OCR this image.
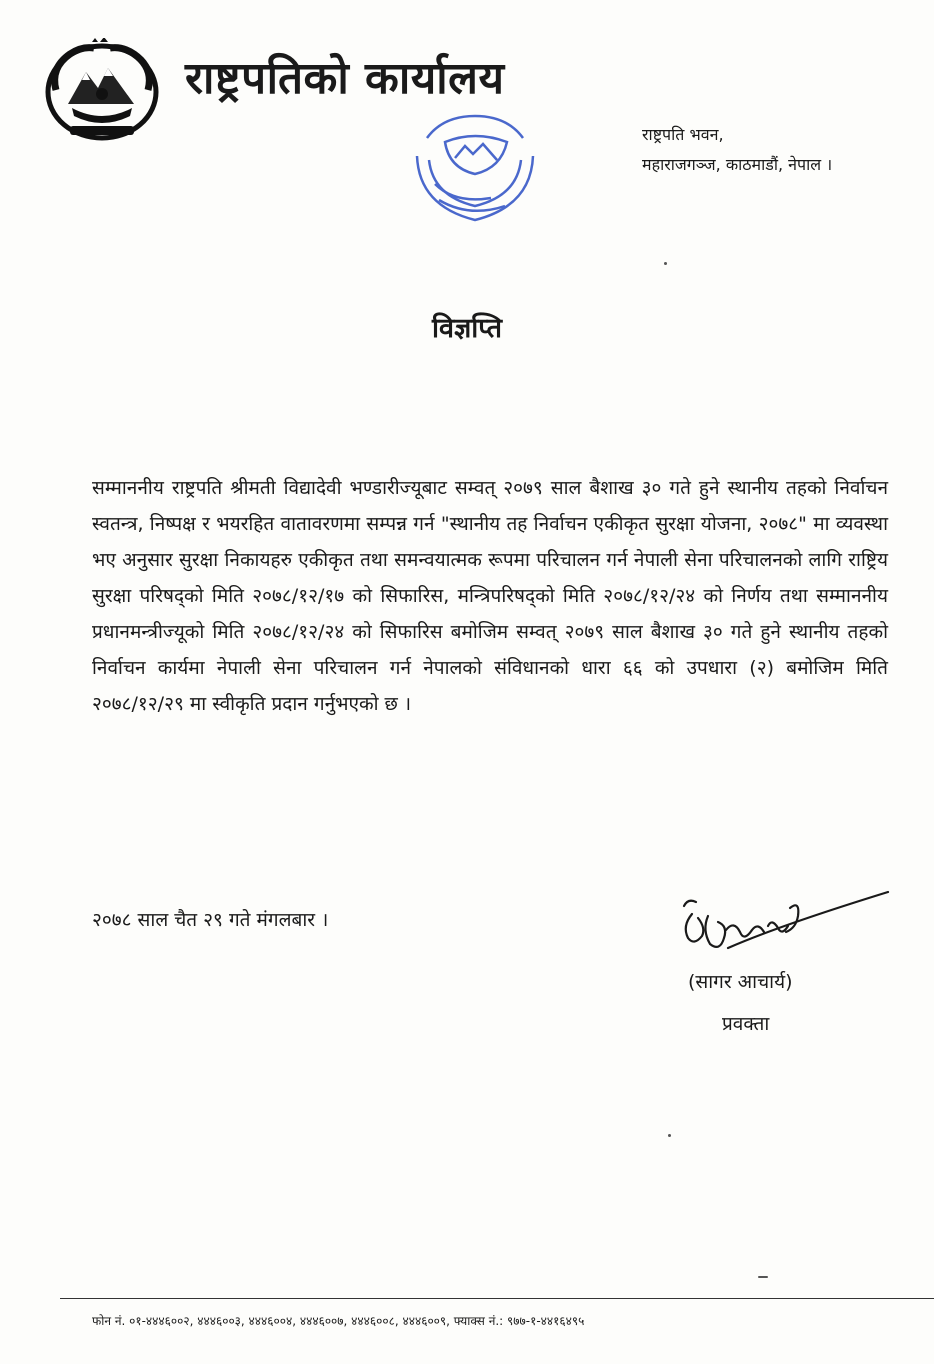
राष्ट्रपतिको कार्यालय
राष्ट्रपति भवन,
महाराजगञ्ज, काठमाडौं, नेपाल ।
विज्ञप्ति
सम्माननीय राष्ट्रपति श्रीमती विद्यादेवी भण्डारीज्यूबाट सम्वत् २०७९ साल बैशाख ३० गते हुने स्थानीय तहको निर्वाचन स्वतन्त्र, निष्पक्ष र भयरहित वातावरणमा सम्पन्न गर्न "स्थानीय तह निर्वाचन एकीकृत सुरक्षा योजना, २०७८" मा व्यवस्था भए अनुसार सुरक्षा निकायहरु एकीकृत तथा समन्वयात्मक रूपमा परिचालन गर्न नेपाली सेना परिचालनको लागि राष्ट्रिय सुरक्षा परिषद्को मिति २०७८/१२/१७ को सिफारिस, मन्त्रिपरिषद्को मिति २०७८/१२/२४ को निर्णय तथा सम्माननीय प्रधानमन्त्रीज्यूको मिति २०७८/१२/२४ को सिफारिस बमोजिम सम्वत् २०७९ साल बैशाख ३० गते हुने स्थानीय तहको निर्वाचन कार्यमा नेपाली सेना परिचालन गर्न नेपालको संविधानको धारा ६६ को उपधारा (२) बमोजिम मिति २०७८/१२/२९ मा स्वीकृति प्रदान गर्नुभएको छ ।
२०७८ साल चैत २९ गते मंगलबार ।
(सागर आचार्य)
प्रवक्ता
फोन नं. ०१-४४४६००२, ४४४६००३, ४४४६००४, ४४४६००७, ४४४६००८, ४४४६००९, फ्याक्स नं.: ९७७-१-४४१६४९५
